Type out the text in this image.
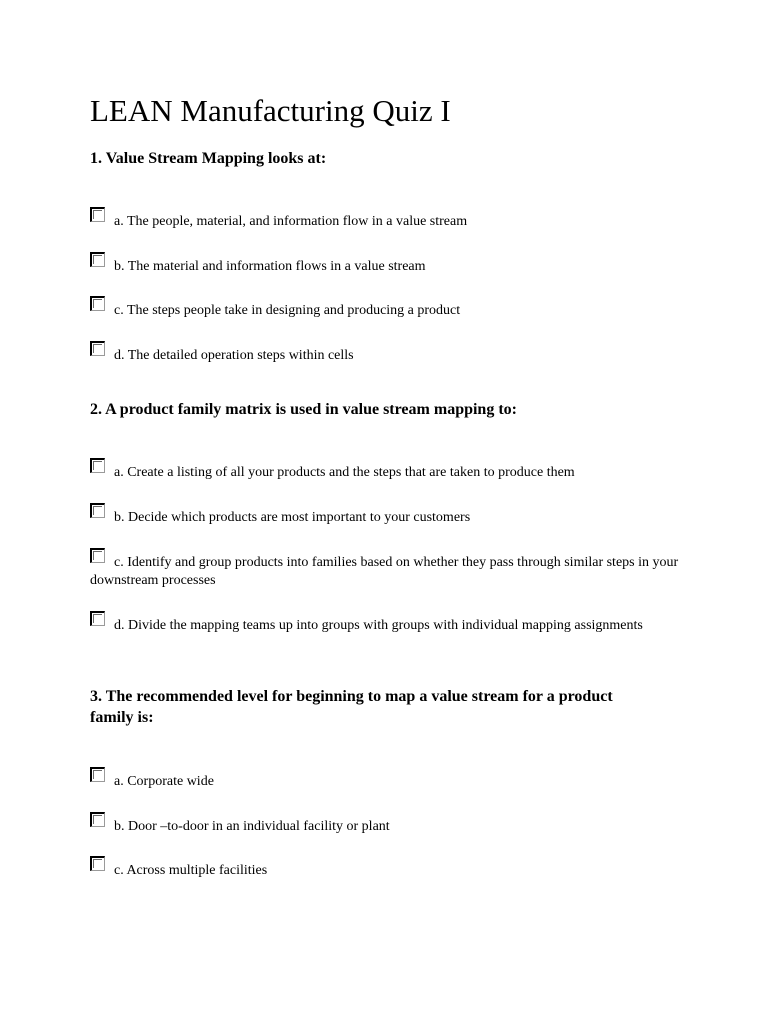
LEAN Manufacturing Quiz I
1. Value Stream Mapping looks at:
a. The people, material, and information flow in a value stream
b. The material and information flows in a value stream
c. The steps people take in designing and producing a product
d. The detailed operation steps within cells
2. A product family matrix is used in value stream mapping to:
a. Create a listing of all your products and the steps that are taken to produce them
b. Decide which products are most important to your customers
c. Identify and group products into families based on whether they pass through similar steps in your downstream processes
d. Divide the mapping teams up into groups with groups with individual mapping assignments
3. The recommended level for beginning to map a value stream for a product family is:
a. Corporate wide
b. Door –to-door in an individual facility or plant
c. Across multiple facilities
